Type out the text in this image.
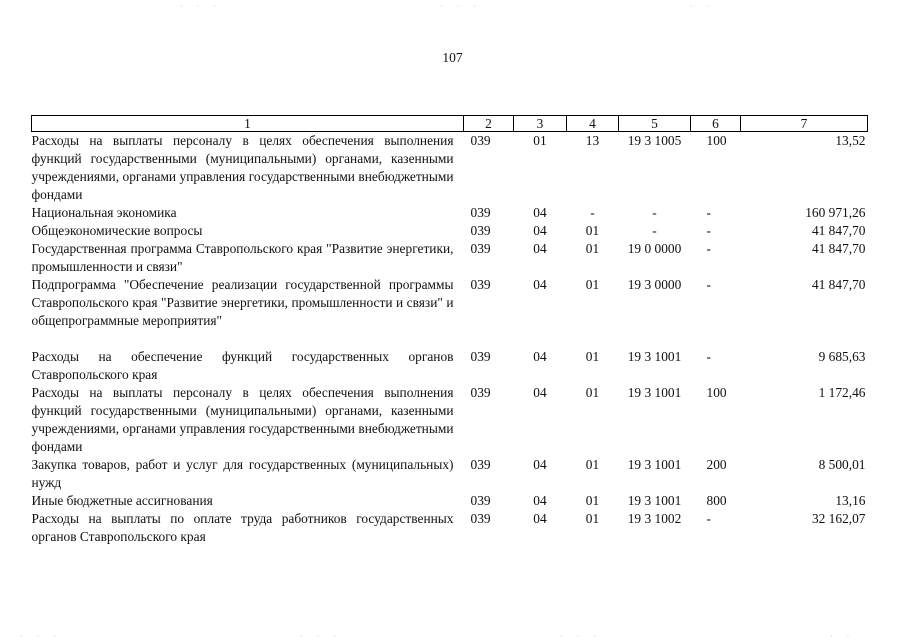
· · ·	· · ·	· ·
107
1	2	3	4	5	6	7
Расходы на выплаты персоналу в целях обеспечения выполнения функций государственными (муниципальными) органами, казенными учреждениями, органами управления государственными внебюджетными фондами	039	01	13	19 3 1005	100	13,52
Национальная экономика	039	04	-	-	-	160 971,26
Общеэкономические вопросы	039	04	01	-	-	41 847,70
Государственная программа Ставропольского края "Развитие энергетики, промышленности и связи"	039	04	01	19 0 0000	-	41 847,70
Подпрограмма "Обеспечение реализации государственной программы Ставропольского края "Развитие энергетики, промышленности и связи" и общепрограммные мероприятия"	039	04	01	19 3 0000	-	41 847,70

Расходы на обеспечение функций государственных органов Ставропольского края	039	04	01	19 3 1001	-	9 685,63
Расходы на выплаты персоналу в целях обеспечения выполнения функций государственными (муниципальными) органами, казенными учреждениями, органами управления государственными внебюджетными фондами	039	04	01	19 3 1001	100	1 172,46
Закупка товаров, работ и услуг для государственных (муниципальных) нужд	039	04	01	19 3 1001	200	8 500,01
Иные бюджетные ассигнования	039	04	01	19 3 1001	800	13,16
Расходы на выплаты по оплате труда работников государственных органов Ставропольского края	039	04	01	19 3 1002	-	32 162,07
· · ·	· · ·	· · ·	· ·
